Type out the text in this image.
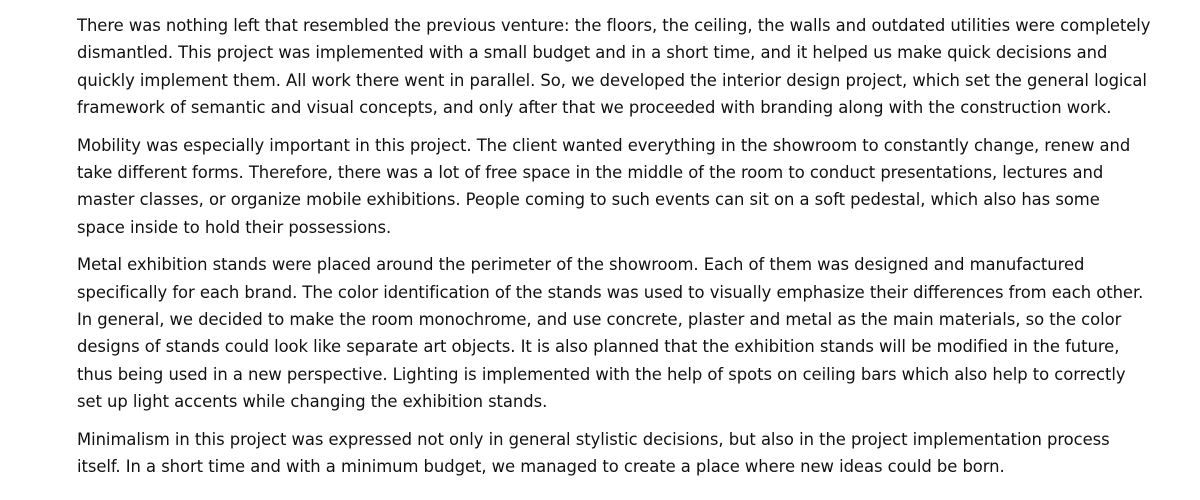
There was nothing left that resembled the previous venture: the floors, the ceiling, the walls and outdated utilities were completely dismantled. This project was implemented with a small budget and in a short time, and it helped us make quick decisions and quickly implement them. All work there went in parallel. So, we developed the interior design project, which set the general logical framework of semantic and visual concepts, and only after that we proceeded with branding along with the construction work.

Mobility was especially important in this project. The client wanted everything in the showroom to constantly change, renew and take different forms. Therefore, there was a lot of free space in the middle of the room to conduct presentations, lectures and master classes, or organize mobile exhibitions. People coming to such events can sit on a soft pedestal, which also has some space inside to hold their possessions.

Metal exhibition stands were placed around the perimeter of the showroom. Each of them was designed and manufactured specifically for each brand. The color identification of the stands was used to visually emphasize their differences from each other. In general, we decided to make the room monochrome, and use concrete, plaster and metal as the main materials, so the color designs of stands could look like separate art objects. It is also planned that the exhibition stands will be modified in the future, thus being used in a new perspective. Lighting is implemented with the help of spots on ceiling bars which also help to correctly set up light accents while changing the exhibition stands.

Minimalism in this project was expressed not only in general stylistic decisions, but also in the project implementation process itself. In a short time and with a minimum budget, we managed to create a place where new ideas could be born.
